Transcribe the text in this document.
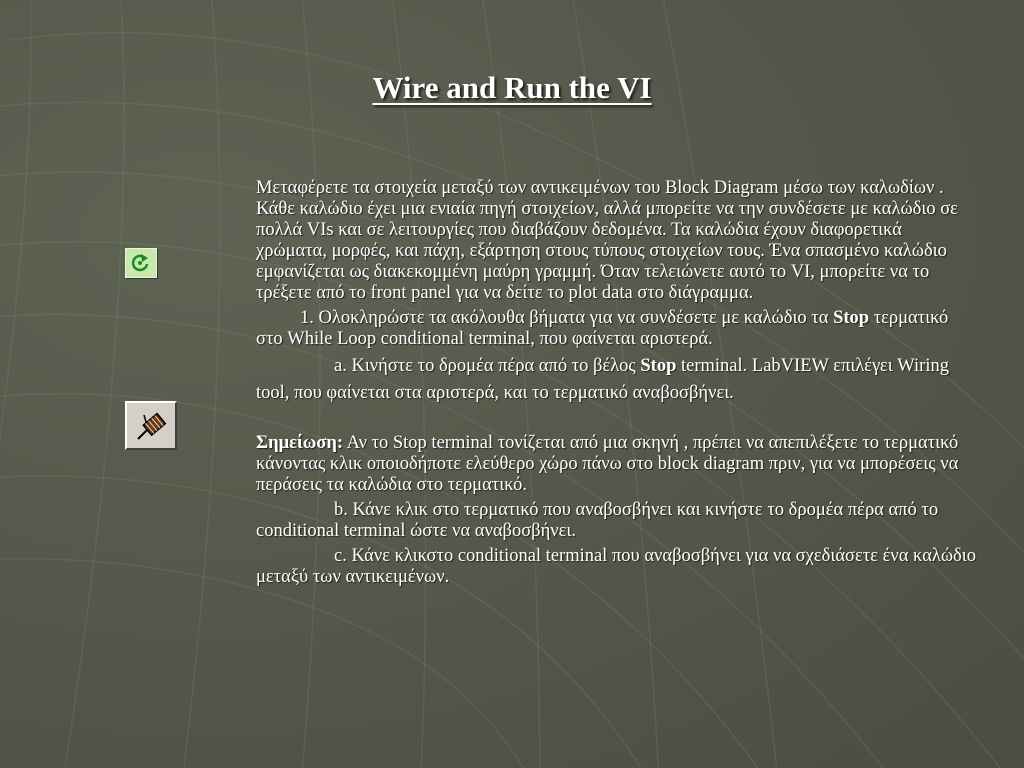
Wire and Run the VI

Μεταφέρετε τα στοιχεία μεταξύ των αντικειμένων του Block Diagram μέσω των καλωδίων . Κάθε καλώδιο έχει μια ενιαία πηγή στοιχείων, αλλά μπορείτε να την συνδέσετε με καλώδιο σε πολλά VIs και σε λειτουργίες που διαβάζουν δεδομένα. Τα καλώδια έχουν διαφορετικά χρώματα, μορφές, και πάχη, εξάρτηση στους τύπους στοιχείων τους. Ένα σπασμένο καλώδιο εμφανίζεται ως διακεκομμένη μαύρη γραμμή. Όταν τελειώνετε αυτό το VI, μπορείτε να το τρέξετε από το front panel για να δείτε το plot data στο διάγραμμα.

1. Ολοκληρώστε τα ακόλουθα βήματα για να συνδέσετε με καλώδιο τα Stop τερματικό στο While Loop conditional terminal, που φαίνεται αριστερά.

a. Κινήστε το δρομέα πέρα από το βέλος Stop terminal. LabVIEW επιλέγει Wiring tool, που φαίνεται στα αριστερά, και το τερματικό αναβοσβήνει.

Σημείωση: Αν το Stop terminal τονίζεται από μια σκηνή , πρέπει να απεπιλέξετε το τερματικό κάνοντας κλικ οποιοδήποτε ελεύθερο χώρο πάνω στο block diagram πριν, για να μπορέσεις να περάσεις τα καλώδια στο τερματικό.

b. Κάνε κλικ στο τερματικό που αναβοσβήνει και κινήστε το δρομέα πέρα από το conditional terminal ώστε να αναβοσβήνει.

c. Κάνε κλικστο conditional terminal που αναβοσβήνει για να σχεδιάσετε ένα καλώδιο μεταξύ των αντικειμένων.
